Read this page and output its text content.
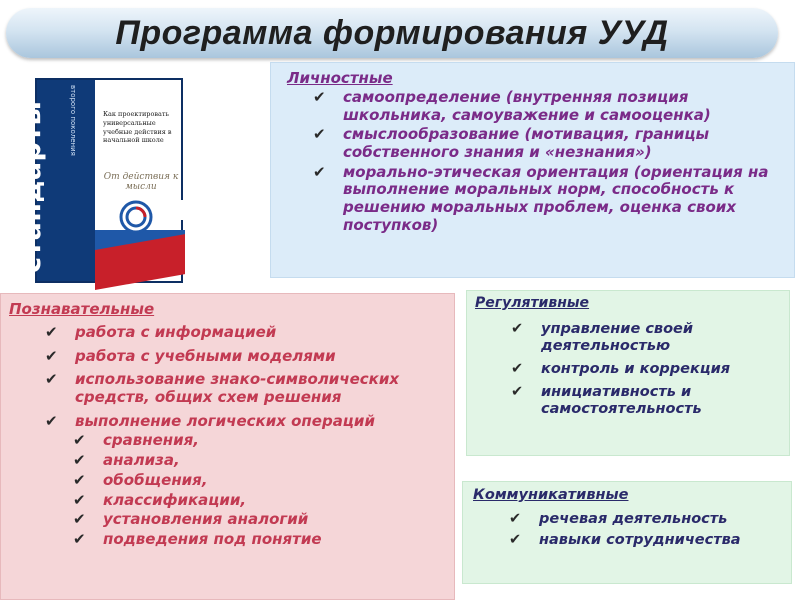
Программа формирования УУД
стандарты	второго поколения	Как проектировать универсальные учебные действия в начальной школе
От действия к мысли
Личностные
✔ самоопределение (внутренняя позиция школьника, самоуважение и самооценка)
✔ смыслообразование (мотивация, границы собственного знания и «незнания»)
✔ морально-этическая ориентация (ориентация на выполнение моральных норм, способность к решению моральных проблем, оценка своих поступков)
Познавательные
✔ работа с информацией
✔ работа с учебными моделями
✔ использование знако-символических средств, общих схем решения
✔ выполнение логических операций
✔ сравнения,
✔ анализа,
✔ обобщения,
✔ классификации,
✔ установления аналогий
✔ подведения под понятие
Регулятивные
✔ управление своей деятельностью
✔ контроль и коррекция
✔ инициативность и самостоятельность
Коммуникативные
✔ речевая деятельность
✔ навыки сотрудничества
